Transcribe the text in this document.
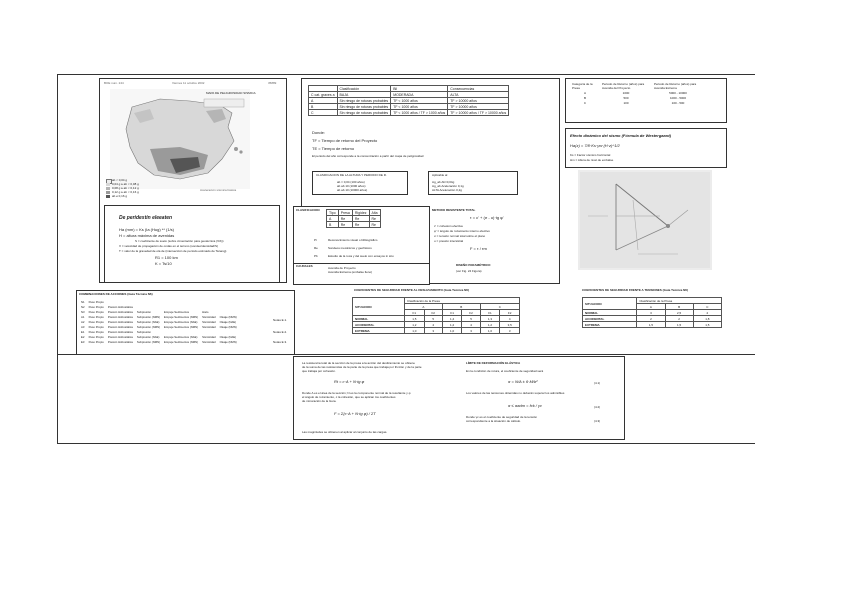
BOE num. 244	Viernes 11 octubre 2002	35889
MAPA DE PELIGROSIDAD SISMICA
ab < 0,04 g
0,04 g ≤ ab < 0,08 g
0,08 g ≤ ab < 0,12 g
0,12 g ≤ ab < 0,16 g
ab ≥ 0,16 g
Aceleración sísmica básica
De peridestin eleeaten
Ha (mm) = Ks (Ia (Hug) ** (1/s)
H = altura máxima de avenidas
S = coeficiente de suelo (sobre cimentación para geotécnica (%b))
V = velocidad de propagación de ondas en el terreno (sondeo/densidad/S)
T = valor de la gravedad de ola de (intersección de período estimado de Tanang)
R1 = 100 km
K = Ts/10
	Clasificación	Bil	Consecuencias
C cat. graves a	BAJA	MODERADA	ALTA
A	Sin riesgo de roturas probables	TF < 1000 años	TF > 10000 años
B	Sin riesgo de roturas probables	TF < 1000 años	TF > 10000 años
C	Sin riesgo de roturas probables	TF < 1000 años / TF > 1000 años	TF > 10000 años / TF > 10000 años
Donde:
TF = Tiempo de retorno del Proyecto
TE = Tiempo de retorno
El periodo del año corresponde a la concentración a partir del mapa de peligrosidad
CLASIFICACION DE LA ALTURA Y PERIODO DE R.
ab = 0,04 (100 años)
ab ab 10 (1000 años)
ab ab 10 (10000 años)
Aplicable al
Ag_ab Ab=0,04g
Ag_ab Aceleración 0,1g
ALTA Aceleración 0,2g
CLASIFICACION
Tipo	Presa	Rigidez	Alta
A	Re	Re	Re
B	Re	Re	Re
Pr	Reconocimiento visual o bibliográfico
Re	Sondeos mecánicos y geofísicos
Pb	Estudio de la roca y del suelo con ensayos in situ
CAUDALES	Avenida de Proyecto
Avenida Extrema (embalse lleno)
METODO RESISTENTE TOTAL
τ = c' + (σ - u)·tg φ'
c' = cohesión efectiva
φ' = ángulo de rozamiento interno efectivo
σ = tensión normal total sobre el plano
u = presión intersticial
F = τ / τm
DISEÑO PARAMÉTRICO
(ver Fig. 24 Figura)
Categoría de la Presa	Periodo de Retorno (años) para Avenida del Proyecto	Periodo de Retorno (años) para Avenida Extrema
A	1000	5000 - 10000
B	500	1000 - 5000
C	100	100 - 500
Efecto dinámico del sismo (Fórmula de Westergaard)
Ha(z) = 7/8·Ks·γw·(H·z)^1/2
Ks = Factor sísmico horizontal
Hm = Altura de nivel de embalse
COMBINACIONES DE ACCIONES (Guía Técnica N6)
N1	Peso Propio					
N2	Peso Propio	Presión Hidrostática				
N3	Peso Propio	Presión Hidrostática	Subpresión	Empuje Sedimentos	Hielo	
A1	Peso Propio	Presión Hidrostática	Subpresión (NMN)	Empuje Sedimentos (NMN)	Sismicidad	Oleaje (NMN)
A2	Peso Propio	Presión Hidrostática	Subpresión (NAE)	Empuje Sedimentos (NAE)	Sismicidad	Oleaje (NAE)
A3	Peso Propio	Presión Hidrostática	Subpresión (NMN)	Empuje Sedimentos (NMN)	Sismicidad	Oleaje (NMN)
E1	Peso Propio	Presión Hidrostática	Subpresión			
E2	Peso Propio	Presión Hidrostática	Subpresión (NAE)	Empuje Sedimentos (NAE)	Sismicidad	Oleaje (NAE)
E3	Peso Propio	Presión Hidrostática	Subpresión (NMN)	Empuje Sedimentos (NMN)	Sismicidad	Oleaje (NMN)
Notas E.1.
Notas E.2.
Notas E.3.
COEFICIENTES DE SEGURIDAD FRENTE AL DESLIZAMIENTO (Guía Técnica N6)
SITUACION	Clasificación de la Presa					
	A		B		C	
	F1	F2	F1	F2	F1	F2
NORMAL	1,5	5	1,4	5	1,3	4
ACCIDENTAL	1,2	4	1,2	4	1,2	3,5
EXTREMA	1,0	3	1,0	3	1,0	3
COEFICIENTES DE SEGURIDAD FRENTE A TENSIONES (Guía Técnica N6)
SITUACION	Clasificación de la Presa		
	A	B	C
NORMAL	3	2,5	2
ACCIDENTAL	2	2	1,8
EXTREMA	1,5	1,5	1,5
La resistencia total de la sección de la presa a la acción del deslizamiento se obtiene
de la suma de las resistencias de la parte de la presa que trabaja por fricción y de la parte
que trabaja por cohesión.
Rt = c·A + N·tg φ
Donde A es el área de la sección; N es la componente normal de la resultante y φ
el ángulo de rozamiento, c la cohesión, que se aplican los coeficientes
de minoración de la Guía.
F = Σ(c·A + N·tg φ) / ΣT
Las magnitudes se obtienen al aplicar al conjunto de las cargas.
LÍMITE DE DEFORMACIÓN ELÁSTICA
En la condición de rotura, el coeficiente de seguridad será
σ = N/A ± 6·M/b²	(4.1)
Los valores de las tensiones obtenidas no deberán superar los admisibles
σ ≤ σadm = fck / γc	(4.2)
Donde γc es el coeficiente de seguridad de la tensión
correspondiente a la situación de cálculo.	(4.3)
